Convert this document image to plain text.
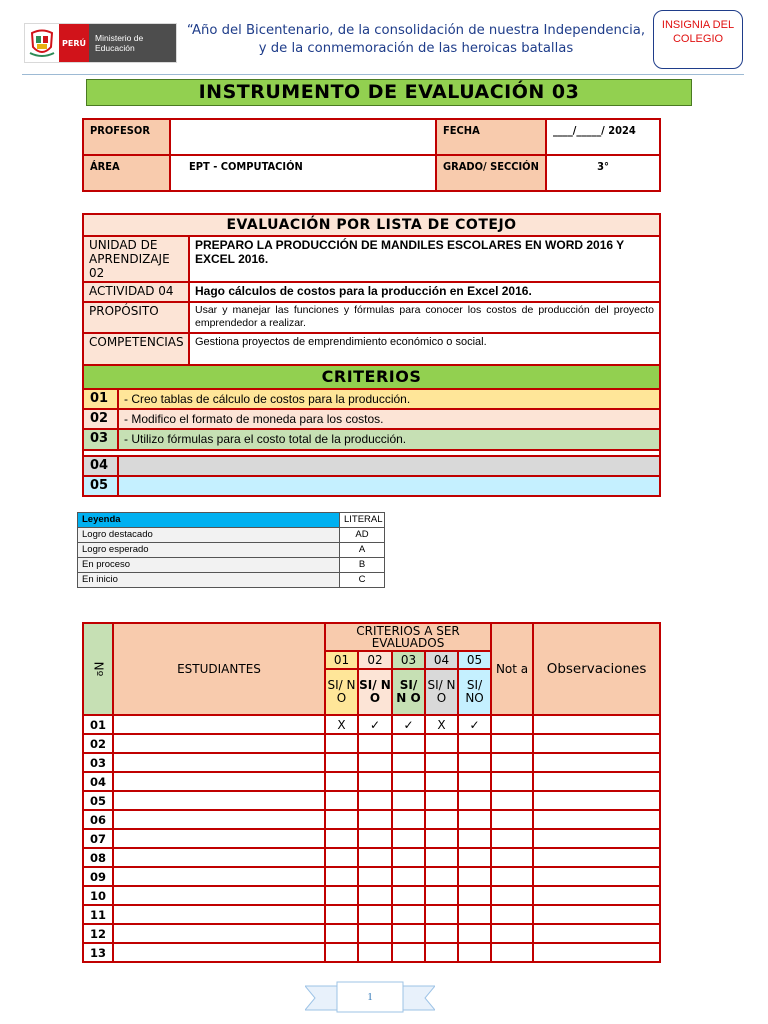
PERÚ	Ministerio de Educación
“Año del Bicentenario, de la consolidación de nuestra Independencia, y de la conmemoración de las heroicas batallas
INSIGNIA DEL COLEGIO
INSTRUMENTO DE EVALUACIÓN 03
PROFESOR		FECHA	____/_____/ 2024
ÁREA	EPT - COMPUTACIÓN	GRADO/ SECCIÓN	3°
EVALUACIÓN POR LISTA DE COTEJO		
UNIDAD DE APRENDIZAJE 02		PREPARO LA PRODUCCIÓN DE MANDILES ESCOLARES EN WORD 2016 Y EXCEL 2016.
ACTIVIDAD 04		Hago cálculos de costos para la producción en Excel 2016.
PROPÓSITO		Usar y manejar las funciones y fórmulas para conocer los costos de producción del proyecto emprendedor a realizar.
COMPETENCIAS		Gestiona proyectos de emprendimiento económico o social.
CRITERIOS		
01	- Creo tablas de cálculo de costos para la producción.	
02	- Modifico el formato de moneda para los costos.	
03	- Utilizo fórmulas para el costo total de la producción.	

04		
05		
Leyenda	LITERAL
Logro destacado	AD
Logro esperado	A
En proceso	B
En inicio	C
Nº	ESTUDIANTES	CRITERIOS A SER EVALUADOS					Not a	Observaciones
		01	02	03	04	05		
		SI/ N O	SI/ N O	SI/ N O	SI/ N O	SI/ NO		
01		X	✓	✓	X	✓		
02								
03								
04								
05								
06								
07								
08								
09								
10								
11								
12								
13								
1
